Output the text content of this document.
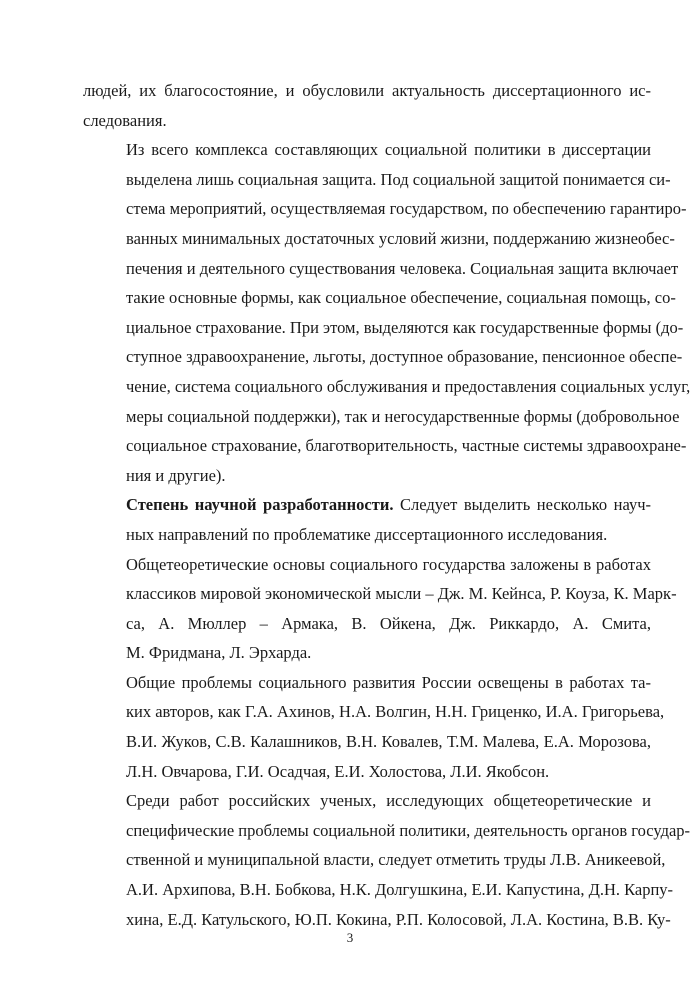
людей, их благосостояние, и обусловили актуальность диссертационного ис-
следования.
Из всего комплекса составляющих социальной политики в диссертации
выделена лишь социальная защита. Под социальной защитой понимается си-
стема мероприятий, осуществляемая государством, по обеспечению гарантиро-
ванных минимальных достаточных условий жизни, поддержанию жизнеобес-
печения и деятельного существования человека. Социальная защита включает
такие основные формы, как социальное обеспечение, социальная помощь, со-
циальное страхование. При этом, выделяются как государственные формы (до-
ступное здравоохранение, льготы, доступное образование, пенсионное обеспе-
чение, система социального обслуживания и предоставления социальных услуг,
меры социальной поддержки), так и негосударственные формы (добровольное
социальное страхование, благотворительность, частные системы здравоохране-
ния и другие).
Степень научной разработанности. Следует выделить несколько науч-
ных направлений по проблематике диссертационного исследования.
Общетеоретические основы социального государства заложены в работах
классиков мировой экономической мысли – Дж. М. Кейнса, Р. Коуза, К. Марк-
са, А. Мюллер – Армака, В. Ойкена, Дж. Риккардо, А. Смита,
М. Фридмана, Л. Эрхарда.
Общие проблемы социального развития России освещены в работах та-
ких авторов, как Г.А. Ахинов, Н.А. Волгин, Н.Н. Гриценко, И.А. Григорьева,
В.И. Жуков, С.В. Калашников, В.Н. Ковалев, Т.М. Малева, Е.А. Морозова,
Л.Н. Овчарова, Г.И. Осадчая, Е.И. Холостова, Л.И. Якобсон.
Среди работ российских ученых, исследующих общетеоретические и
специфические проблемы социальной политики, деятельность органов государ-
ственной и муниципальной власти, следует отметить труды Л.В. Аникеевой,
А.И. Архипова, В.Н. Бобкова, Н.К. Долгушкина, Е.И. Капустина, Д.Н. Карпу-
хина, Е.Д. Катульского, Ю.П. Кокина, Р.П. Колосовой, Л.А. Костина, В.В. Ку-
3
